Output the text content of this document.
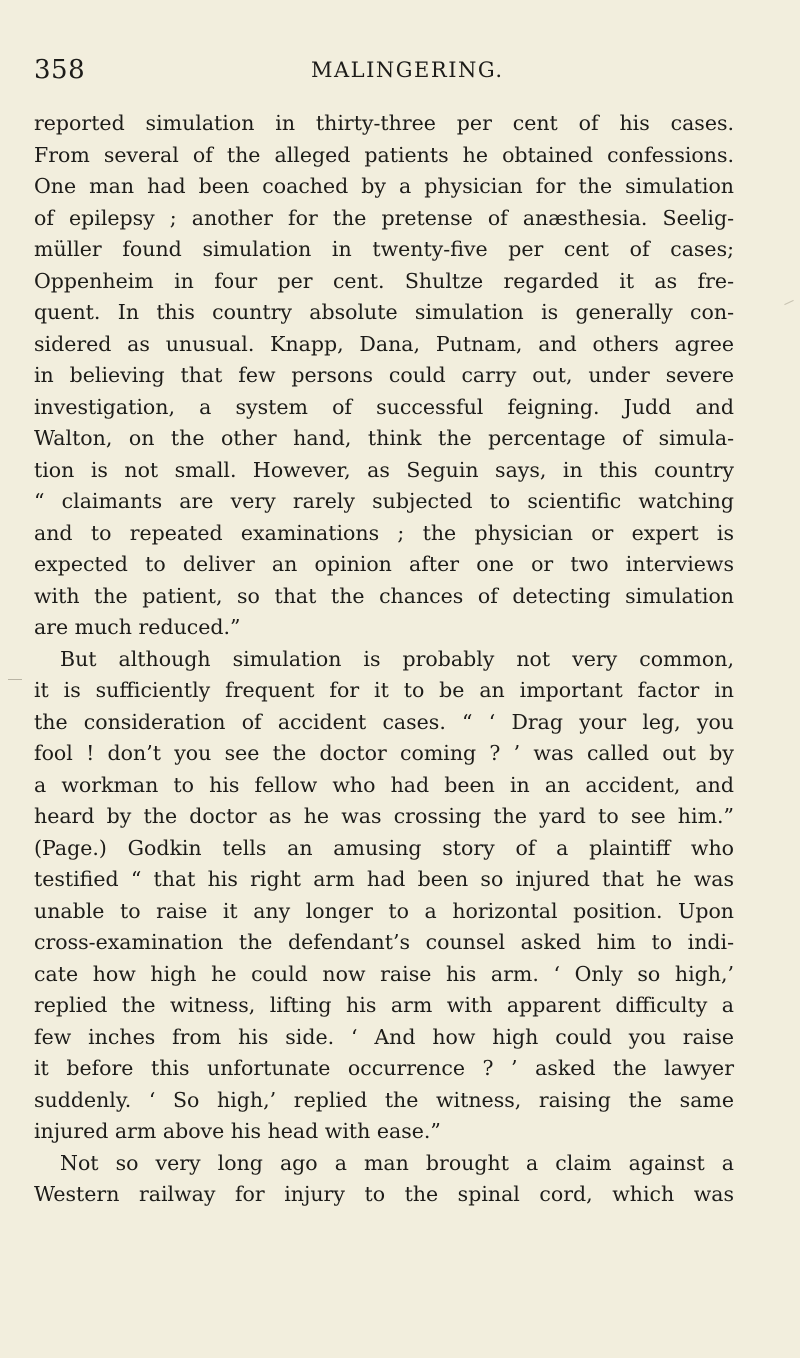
358	MALINGERING.
reported simulation in thirty-three per cent of his cases.
From several of the alleged patients he obtained confessions.
One man had been coached by a physician for the simulation
of epilepsy ; another for the pretense of anæsthesia. Seelig-
müller found simulation in twenty-five per cent of cases;
Oppenheim in four per cent. Shultze regarded it as fre-
quent. In this country absolute simulation is generally con-
sidered as unusual. Knapp, Dana, Putnam, and others agree
in believing that few persons could carry out, under severe
investigation, a system of successful feigning. Judd and
Walton, on the other hand, think the percentage of simula-
tion is not small. However, as Seguin says, in this country
“ claimants are very rarely subjected to scientific watching
and to repeated examinations ; the physician or expert is
expected to deliver an opinion after one or two interviews
with the patient, so that the chances of detecting simulation
are much reduced.”
But although simulation is probably not very common,
it is sufficiently frequent for it to be an important factor in
the consideration of accident cases. “ ‘ Drag your leg, you
fool ! don’t you see the doctor coming ? ’ was called out by
a workman to his fellow who had been in an accident, and
heard by the doctor as he was crossing the yard to see him.”
(Page.) Godkin tells an amusing story of a plaintiff who
testified “ that his right arm had been so injured that he was
unable to raise it any longer to a horizontal position. Upon
cross-examination the defendant’s counsel asked him to indi-
cate how high he could now raise his arm. ‘ Only so high,’
replied the witness, lifting his arm with apparent difficulty a
few inches from his side. ‘ And how high could you raise
it before this unfortunate occurrence ? ’ asked the lawyer
suddenly. ‘ So high,’ replied the witness, raising the same
injured arm above his head with ease.”
Not so very long ago a man brought a claim against a
Western railway for injury to the spinal cord, which was
